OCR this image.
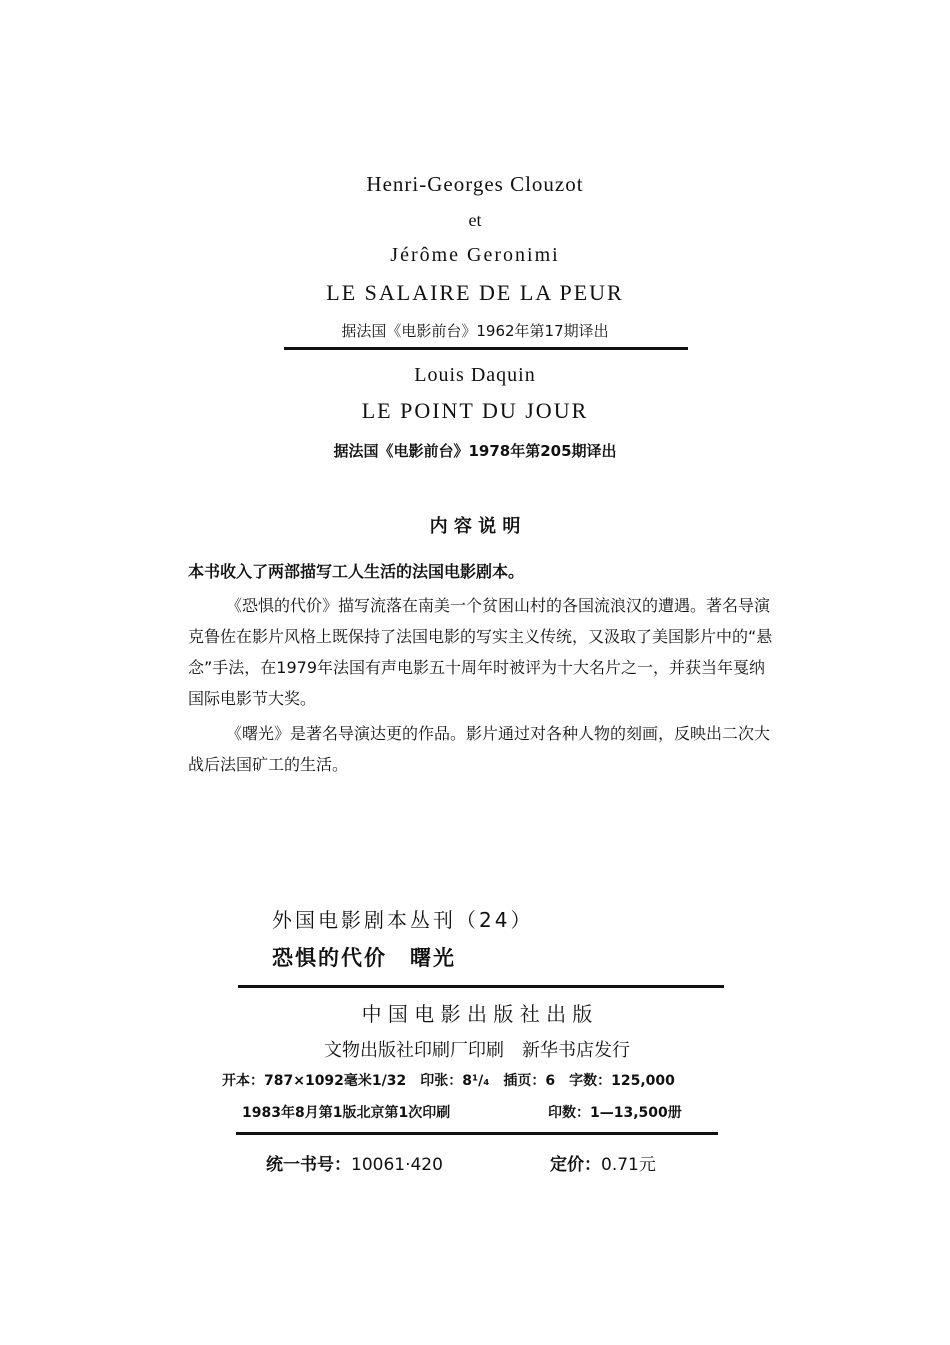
Henri-Georges Clouzot
et
Jérôme Geronimi
LE SALAIRE DE LA PEUR
据法国《电影前台》1962年第17期译出
Louis Daquin
LE POINT DU JOUR
据法国《电影前台》1978年第205期译出
内 容 说 明
本书收入了两部描写工人生活的法国电影剧本。
《恐惧的代价》描写流落在南美一个贫困山村的各国流浪汉的遭遇。著名导演克鲁佐在影片风格上既保持了法国电影的写实主义传统，又汲取了美国影片中的“悬念”手法，在1979年法国有声电影五十周年时被评为十大名片之一，并获当年戛纳国际电影节大奖。
《曙光》是著名导演达更的作品。影片通过对各种人物的刻画，反映出二次大战后法国矿工的生活。
外国电影剧本丛刊（24）
恐惧的代价　曙光
中 国 电 影 出 版 社 出 版
文物出版社印刷厂印刷　新华书店发行
开本：787×1092毫米1/32　印张：8¹/₄　插页：6　字数：125,000
1983年8月第1版北京第1次印刷	印数：1—13,500册
统一书号：10061·420	定价：0.71元
